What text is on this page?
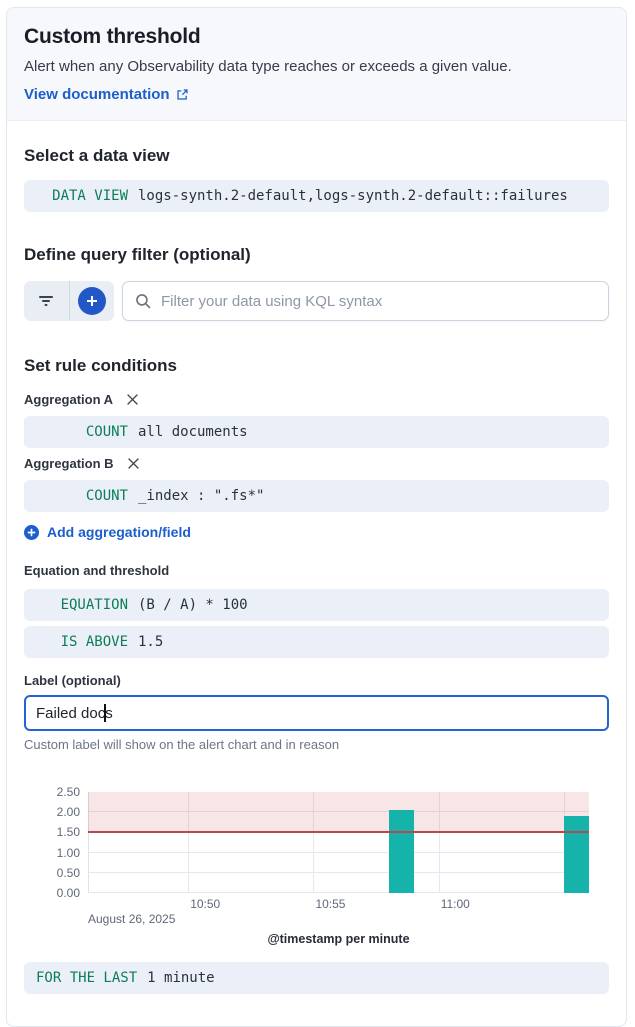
Custom threshold

Alert when any Observability data type reaches or exceeds a given value.

View documentation
Select a data view
DATA VIEW logs-synth.2-default,logs-synth.2-default::failures
Define query filter (optional)
Filter your data using KQL syntax
Set rule conditions
Aggregation A
COUNT all documents
Aggregation B
COUNT _index : ".fs*"
Add aggregation/field
Equation and threshold
EQUATION (B / A) * 100
IS ABOVE 1.5
Label (optional)
Failed docs
Custom label will show on the alert chart and in reason
2.50
2.00
1.50
1.00
0.50
0.00
10:50	10:55	11:00
August 26, 2025
@timestamp per minute
FOR THE LAST 1 minute
